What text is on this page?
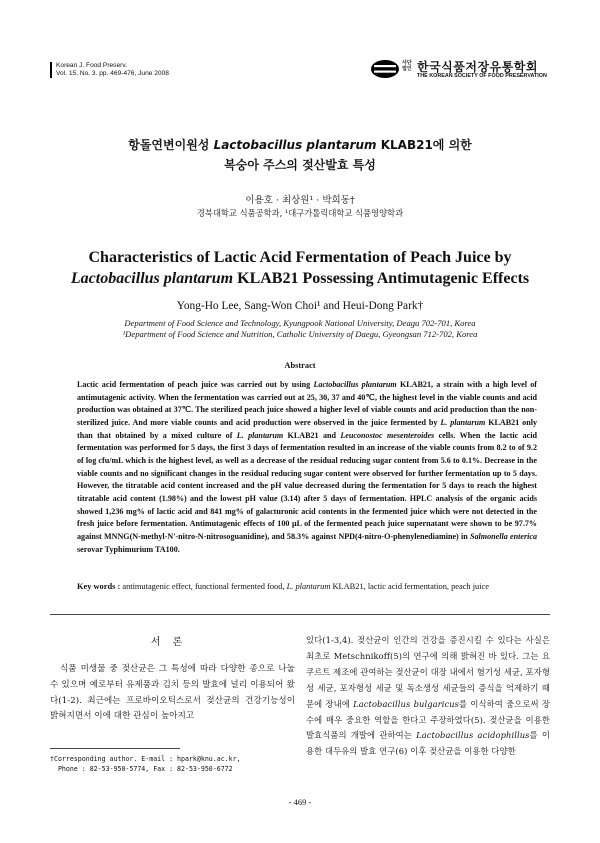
Korean J. Food Preserv.
Vol. 15, No. 3. pp. 469-476, June 2008
사단법인 한국식품저장유통학회
THE KOREAN SOCIETY OF FOOD PRESERVATION
항돌연변이원성 Lactobacillus plantarum KLAB21에 의한
복숭아 주스의 젖산발효 특성
이용호 · 최상원¹ · 박희동†
경북대학교 식품공학과, ¹대구가톨릭대학교 식품영양학과
Characteristics of Lactic Acid Fermentation of Peach Juice by
Lactobacillus plantarum KLAB21 Possessing Antimutagenic Effects
Yong-Ho Lee, Sang-Won Choi¹ and Heui-Dong Park†
Department of Food Science and Technology, Kyungpook National University, Deagu 702-701, Korea
¹Department of Food Science and Nutrition, Catholic University of Daegu, Gyeongsan 712-702, Korea
Abstract
Lactic acid fermentation of peach juice was carried out by using Lactobacillus plantarum KLAB21, a strain with a high level of antimutagenic activity. When the fermentation was carried out at 25, 30, 37 and 40℃, the highest level in the viable counts and acid production was obtained at 37℃. The sterilized peach juice showed a higher level of viable counts and acid production than the non-sterilized juice. And more viable counts and acid production were observed in the juice fermented by L. plantarum KLAB21 only than that obtained by a mixed culture of L. plantarum KLAB21 and Leuconostoc mesenteroides cells. When the lactic acid fermentation was performed for 5 days, the first 3 days of fermentation resulted in an increase of the viable counts from 8.2 to of 9.2 of log cfu/mL which is the highest level, as well as a decrease of the residual reducing sugar content from 5.6 to 0.1%. Decrease in the viable counts and no significant changes in the residual reducing sugar content were observed for further fermentation up to 5 days. However, the titratable acid content increased and the pH value decreased during the fermentation for 5 days to reach the highest titratable acid content (1.98%) and the lowest pH value (3.14) after 5 days of fermentation. HPLC analysis of the organic acids showed 1,236 mg% of lactic acid and 841 mg% of galacturonic acid contents in the fermented juice which were not detected in the fresh juice before fermentation. Antimutagenic effects of 100 μL of the fermented peach juice supernatant were shown to be 97.7% against MNNG(N-methyl-N'-nitro-N-nitrosoguanidine), and 58.3% against NPD(4-nitro-O-phenylenediamine) in Salmonella enterica serovar Typhimurium TA100.
Key words : antimutagenic effect, functional fermented food, L. plantarum KLAB21, lactic acid fermentation, peach juice
서론
식품 미생물 중 젖산균은 그 특성에 따라 다양한 종으로 나눌 수 있으며 예로부터 유제품과 김치 등의 발효에 널리 이용되어 왔다(1-2). 최근에는 프로바이오틱스로서 젖산균의 건강기능성이 밝혀지면서 이에 대한 관심이 높아지고
있다(1-3,4). 젖산균이 인간의 건강을 증진시킬 수 있다는 사실은 최초로 Metschnikoff(5)의 연구에 의해 밝혀진 바 있다. 그는 요쿠르트 제조에 관여하는 젖산균이 대장 내에서 혐기성 세균, 포자형성 세균, 포자형성 세균 및 독소생성 세균들의 증식을 억제하기 때문에 장내에 Lactobacillus bulgaricus를 이식하여 줌으로써 장수에 매우 중요한 역할을 한다고 주장하였다(5). 젖산균을 이용한 발효식품의 개발에 관하여는 Lactobacillus acidophillus를 이용한 대두유의 발효 연구(6) 이후 젖산균을 이용한 다양한
†Corresponding author. E-mail : hpark@knu.ac.kr,
Phone : 82-53-950-5774, Fax : 82-53-950-6772
- 469 -
